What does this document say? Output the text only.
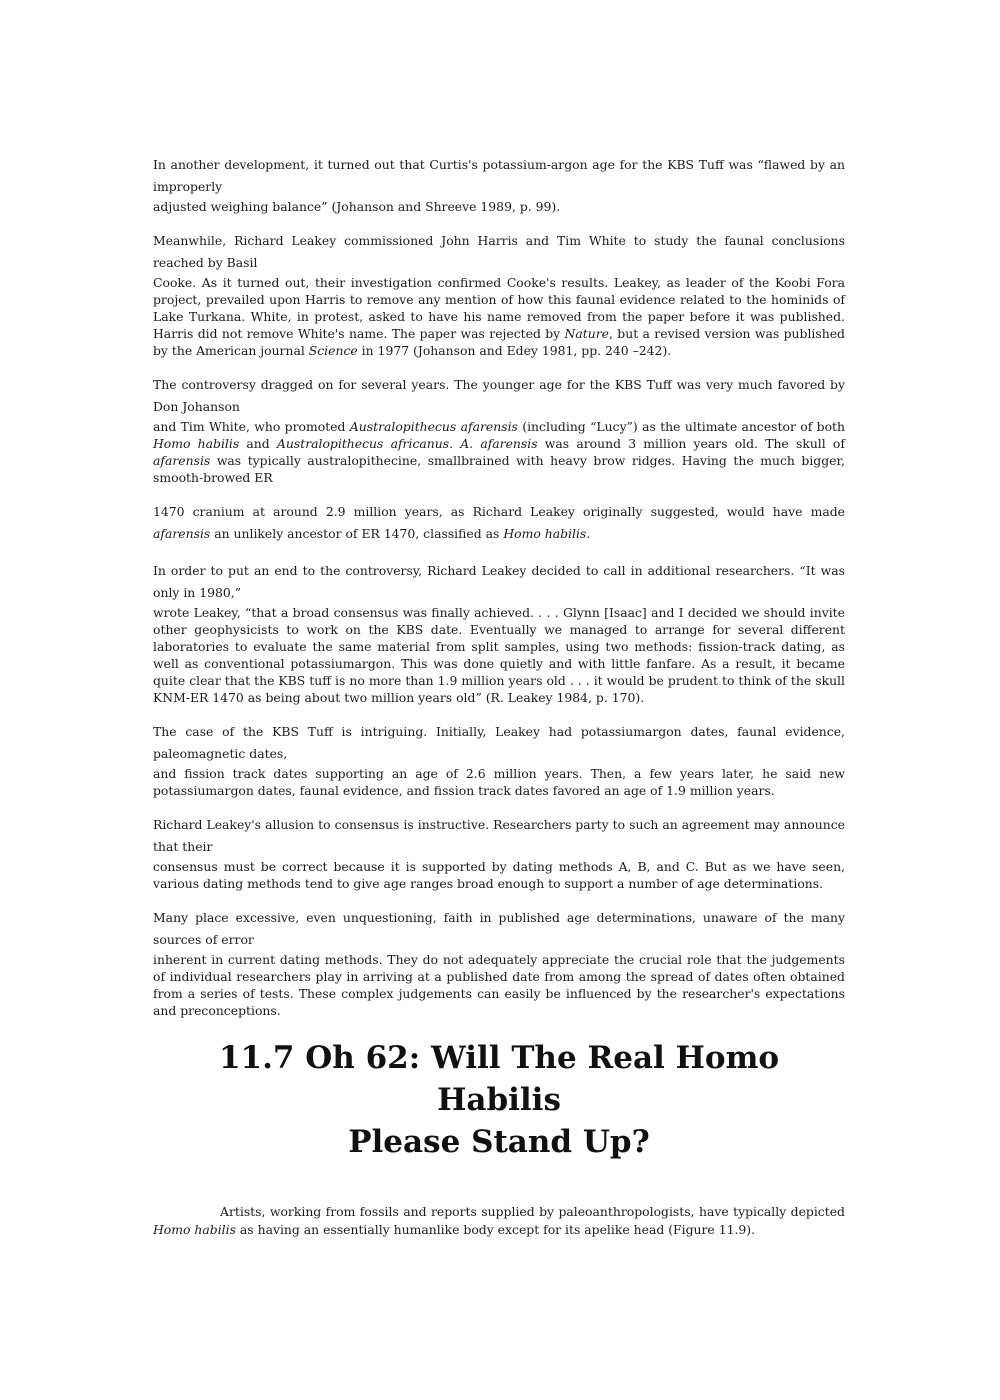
In another development, it turned out that Curtis's potassium-argon age for the KBS Tuff was “flawed by an improperly
adjusted weighing balance” (Johanson and Shreeve 1989, p. 99).

Meanwhile, Richard Leakey commissioned John Harris and Tim White to study the faunal conclusions reached by Basil
Cooke. As it turned out, their investigation confirmed Cooke's results. Leakey, as leader of the Koobi Fora project, prevailed upon Harris to remove any mention of how this faunal evidence related to the hominids of Lake Turkana. White, in protest, asked to have his name removed from the paper before it was published. Harris did not remove White's name. The paper was rejected by Nature, but a revised version was published by the American journal Science in 1977 (Johanson and Edey 1981, pp. 240 –242).

The controversy dragged on for several years. The younger age for the KBS Tuff was very much favored by Don Johanson
and Tim White, who promoted Australopithecus afarensis (including “Lucy”) as the ultimate ancestor of both Homo habilis and Australopithecus africanus. A. afarensis was around 3 million years old. The skull of afarensis was typically australopithecine, smallbrained with heavy brow ridges. Having the much bigger, smooth-browed ER

1470 cranium at around 2.9 million years, as Richard Leakey originally suggested, would have made afarensis an unlikely ancestor of ER 1470, classified as Homo habilis.

In order to put an end to the controversy, Richard Leakey decided to call in additional researchers. “It was only in 1980,”
wrote Leakey, “that a broad consensus was finally achieved. . . . Glynn [Isaac] and I decided we should invite other geophysicists to work on the KBS date. Eventually we managed to arrange for several different laboratories to evaluate the same material from split samples, using two methods: fission-track dating, as well as conventional potassiumargon. This was done quietly and with little fanfare. As a result, it became quite clear that the KBS tuff is no more than 1.9 million years old . . . it would be prudent to think of the skull KNM-ER 1470 as being about two million years old” (R. Leakey 1984, p. 170).

The case of the KBS Tuff is intriguing. Initially, Leakey had potassiumargon dates, faunal evidence, paleomagnetic dates,
and fission track dates supporting an age of 2.6 million years. Then, a few years later, he said new potassiumargon dates, faunal evidence, and fission track dates favored an age of 1.9 million years.

Richard Leakey's allusion to consensus is instructive. Researchers party to such an agreement may announce that their
consensus must be correct because it is supported by dating methods A, B, and C. But as we have seen, various dating methods tend to give age ranges broad enough to support a number of age determinations.

Many place excessive, even unquestioning, faith in published age determinations, unaware of the many sources of error
inherent in current dating methods. They do not adequately appreciate the crucial role that the judgements of individual researchers play in arriving at a published date from among the spread of dates often obtained from a series of tests. These complex judgements can easily be influenced by the researcher's expectations and preconceptions.

11.7 Oh 62: Will The Real Homo Habilis
Please Stand Up?

Artists, working from fossils and reports supplied by paleoanthropologists, have typically depicted Homo habilis as having an essentially humanlike body except for its apelike head (Figure 11.9).
